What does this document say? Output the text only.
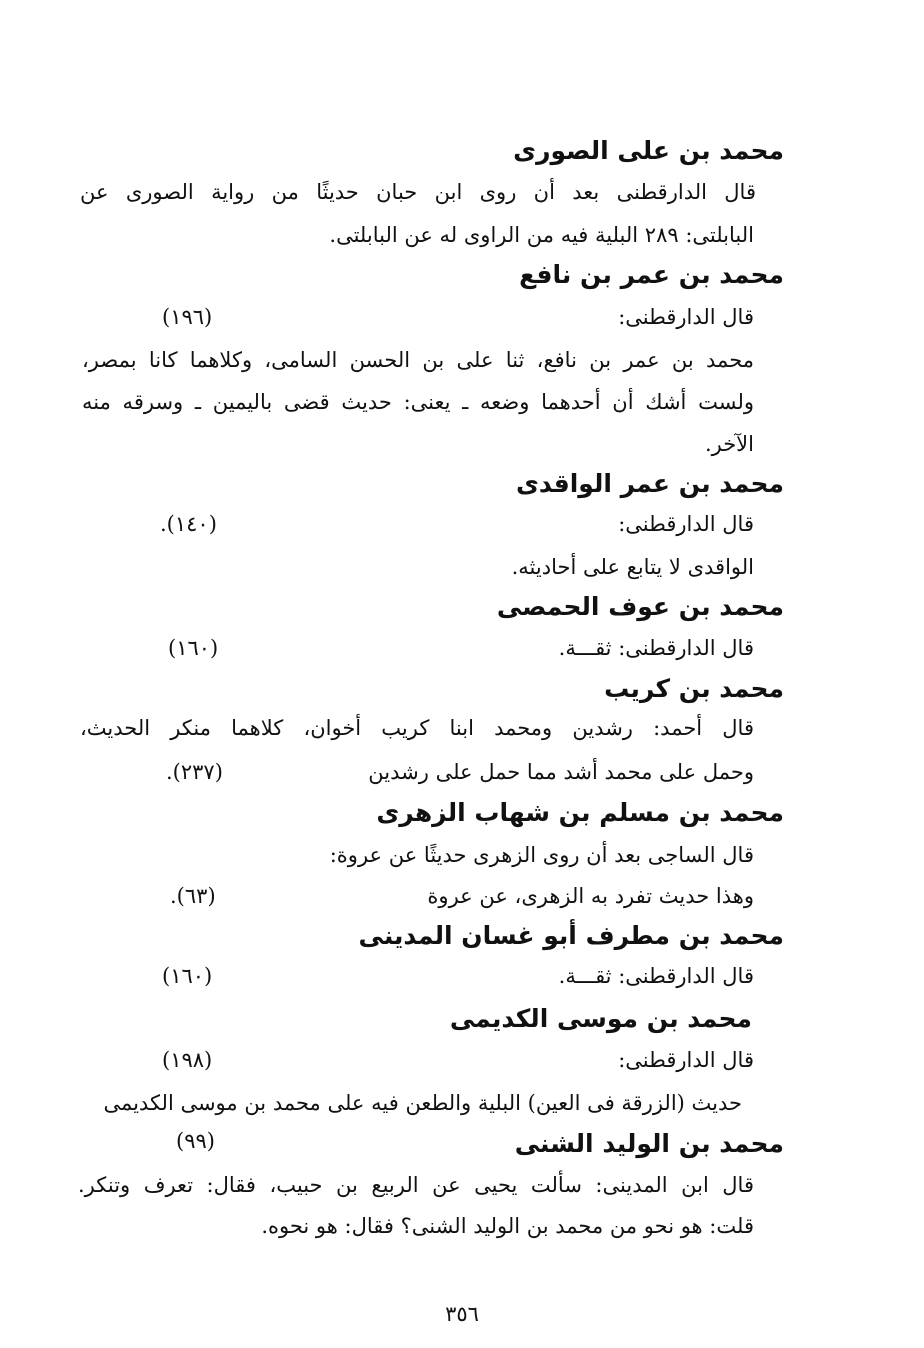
محمد بن على الصورى
قال الدارقطنى بعد أن روى ابن حبان حديثًا من رواية الصورى عن
البابلتى: ٢٨٩ البلية فيه من الراوى له عن البابلتى.
محمد بن عمر بن نافع
قال الدارقطنى:
(١٩٦)
محمد بن عمر بن نافع، ثنا على بن الحسن السامى، وكلاهما كانا بمصر،
ولست أشك أن أحدهما وضعه ـ يعنى: حديث قضى باليمين ـ وسرقه منه
الآخر.
محمد بن عمر الواقدى
قال الدارقطنى:
(١٤٠).
الواقدى لا يتابع على أحاديثه.
محمد بن عوف الحمصى
قال الدارقطنى: ثقـــة.
(١٦٠)
محمد بن كريب
قال أحمد: رشدين ومحمد ابنا كريب أخوان، كلاهما منكر الحديث،
وحمل على محمد أشد مما حمل على رشدين
(٢٣٧).
محمد بن مسلم بن شهاب الزهرى
قال الساجى بعد أن روى الزهرى حديثًا عن عروة:
وهذا حديث تفرد به الزهرى، عن عروة
(٦٣).
محمد بن مطرف أبو غسان المدينى
قال الدارقطنى: ثقـــة.
(١٦٠)
محمد بن موسى الكديمى
قال الدارقطنى:
(١٩٨)
حديث (الزرقة فى العين) البلية والطعن فيه على محمد بن موسى الكديمى
محمد بن الوليد الشنى
(٩٩)
قال ابن المدينى: سألت يحيى عن الربيع بن حبيب، فقال: تعرف وتنكر.
قلت: هو نحو من محمد بن الوليد الشنى؟ فقال: هو نحوه.
٣٥٦
